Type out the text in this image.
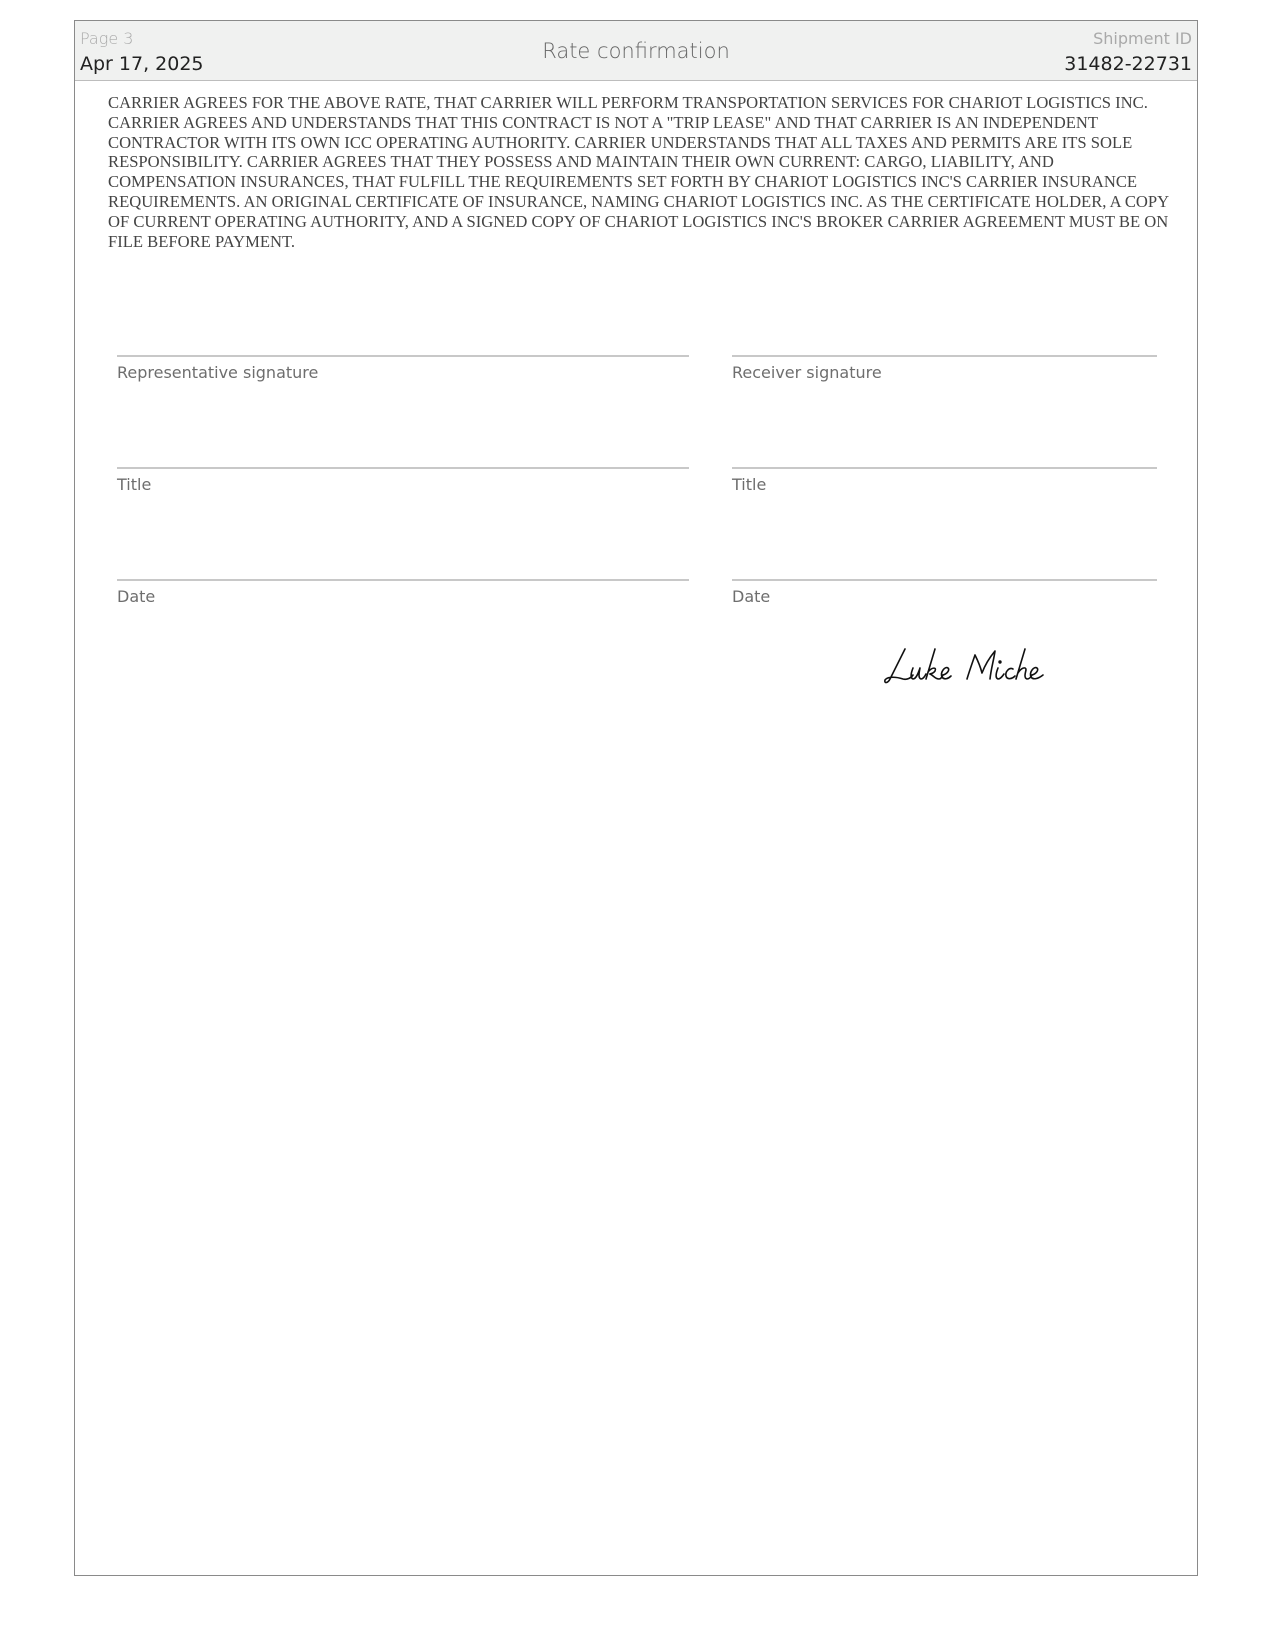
Page 3
Apr 17, 2025
Rate confirmation
Shipment ID
31482-22731

CARRIER AGREES FOR THE ABOVE RATE, THAT CARRIER WILL PERFORM TRANSPORTATION SERVICES FOR CHARIOT LOGISTICS INC. CARRIER AGREES AND UNDERSTANDS THAT THIS CONTRACT IS NOT A "TRIP LEASE" AND THAT CARRIER IS AN INDEPENDENT CONTRACTOR WITH ITS OWN ICC OPERATING AUTHORITY. CARRIER UNDERSTANDS THAT ALL TAXES AND PERMITS ARE ITS SOLE RESPONSIBILITY. CARRIER AGREES THAT THEY POSSESS AND MAINTAIN THEIR OWN CURRENT: CARGO, LIABILITY, AND COMPENSATION INSURANCES, THAT FULFILL THE REQUIREMENTS SET FORTH BY CHARIOT LOGISTICS INC'S CARRIER INSURANCE REQUIREMENTS. AN ORIGINAL CERTIFICATE OF INSURANCE, NAMING CHARIOT LOGISTICS INC. AS THE CERTIFICATE HOLDER, A COPY OF CURRENT OPERATING AUTHORITY, AND A SIGNED COPY OF CHARIOT LOGISTICS INC'S BROKER CARRIER AGREEMENT MUST BE ON FILE BEFORE PAYMENT.

Representative signature
Title
Date
Receiver signature
Title
Date
